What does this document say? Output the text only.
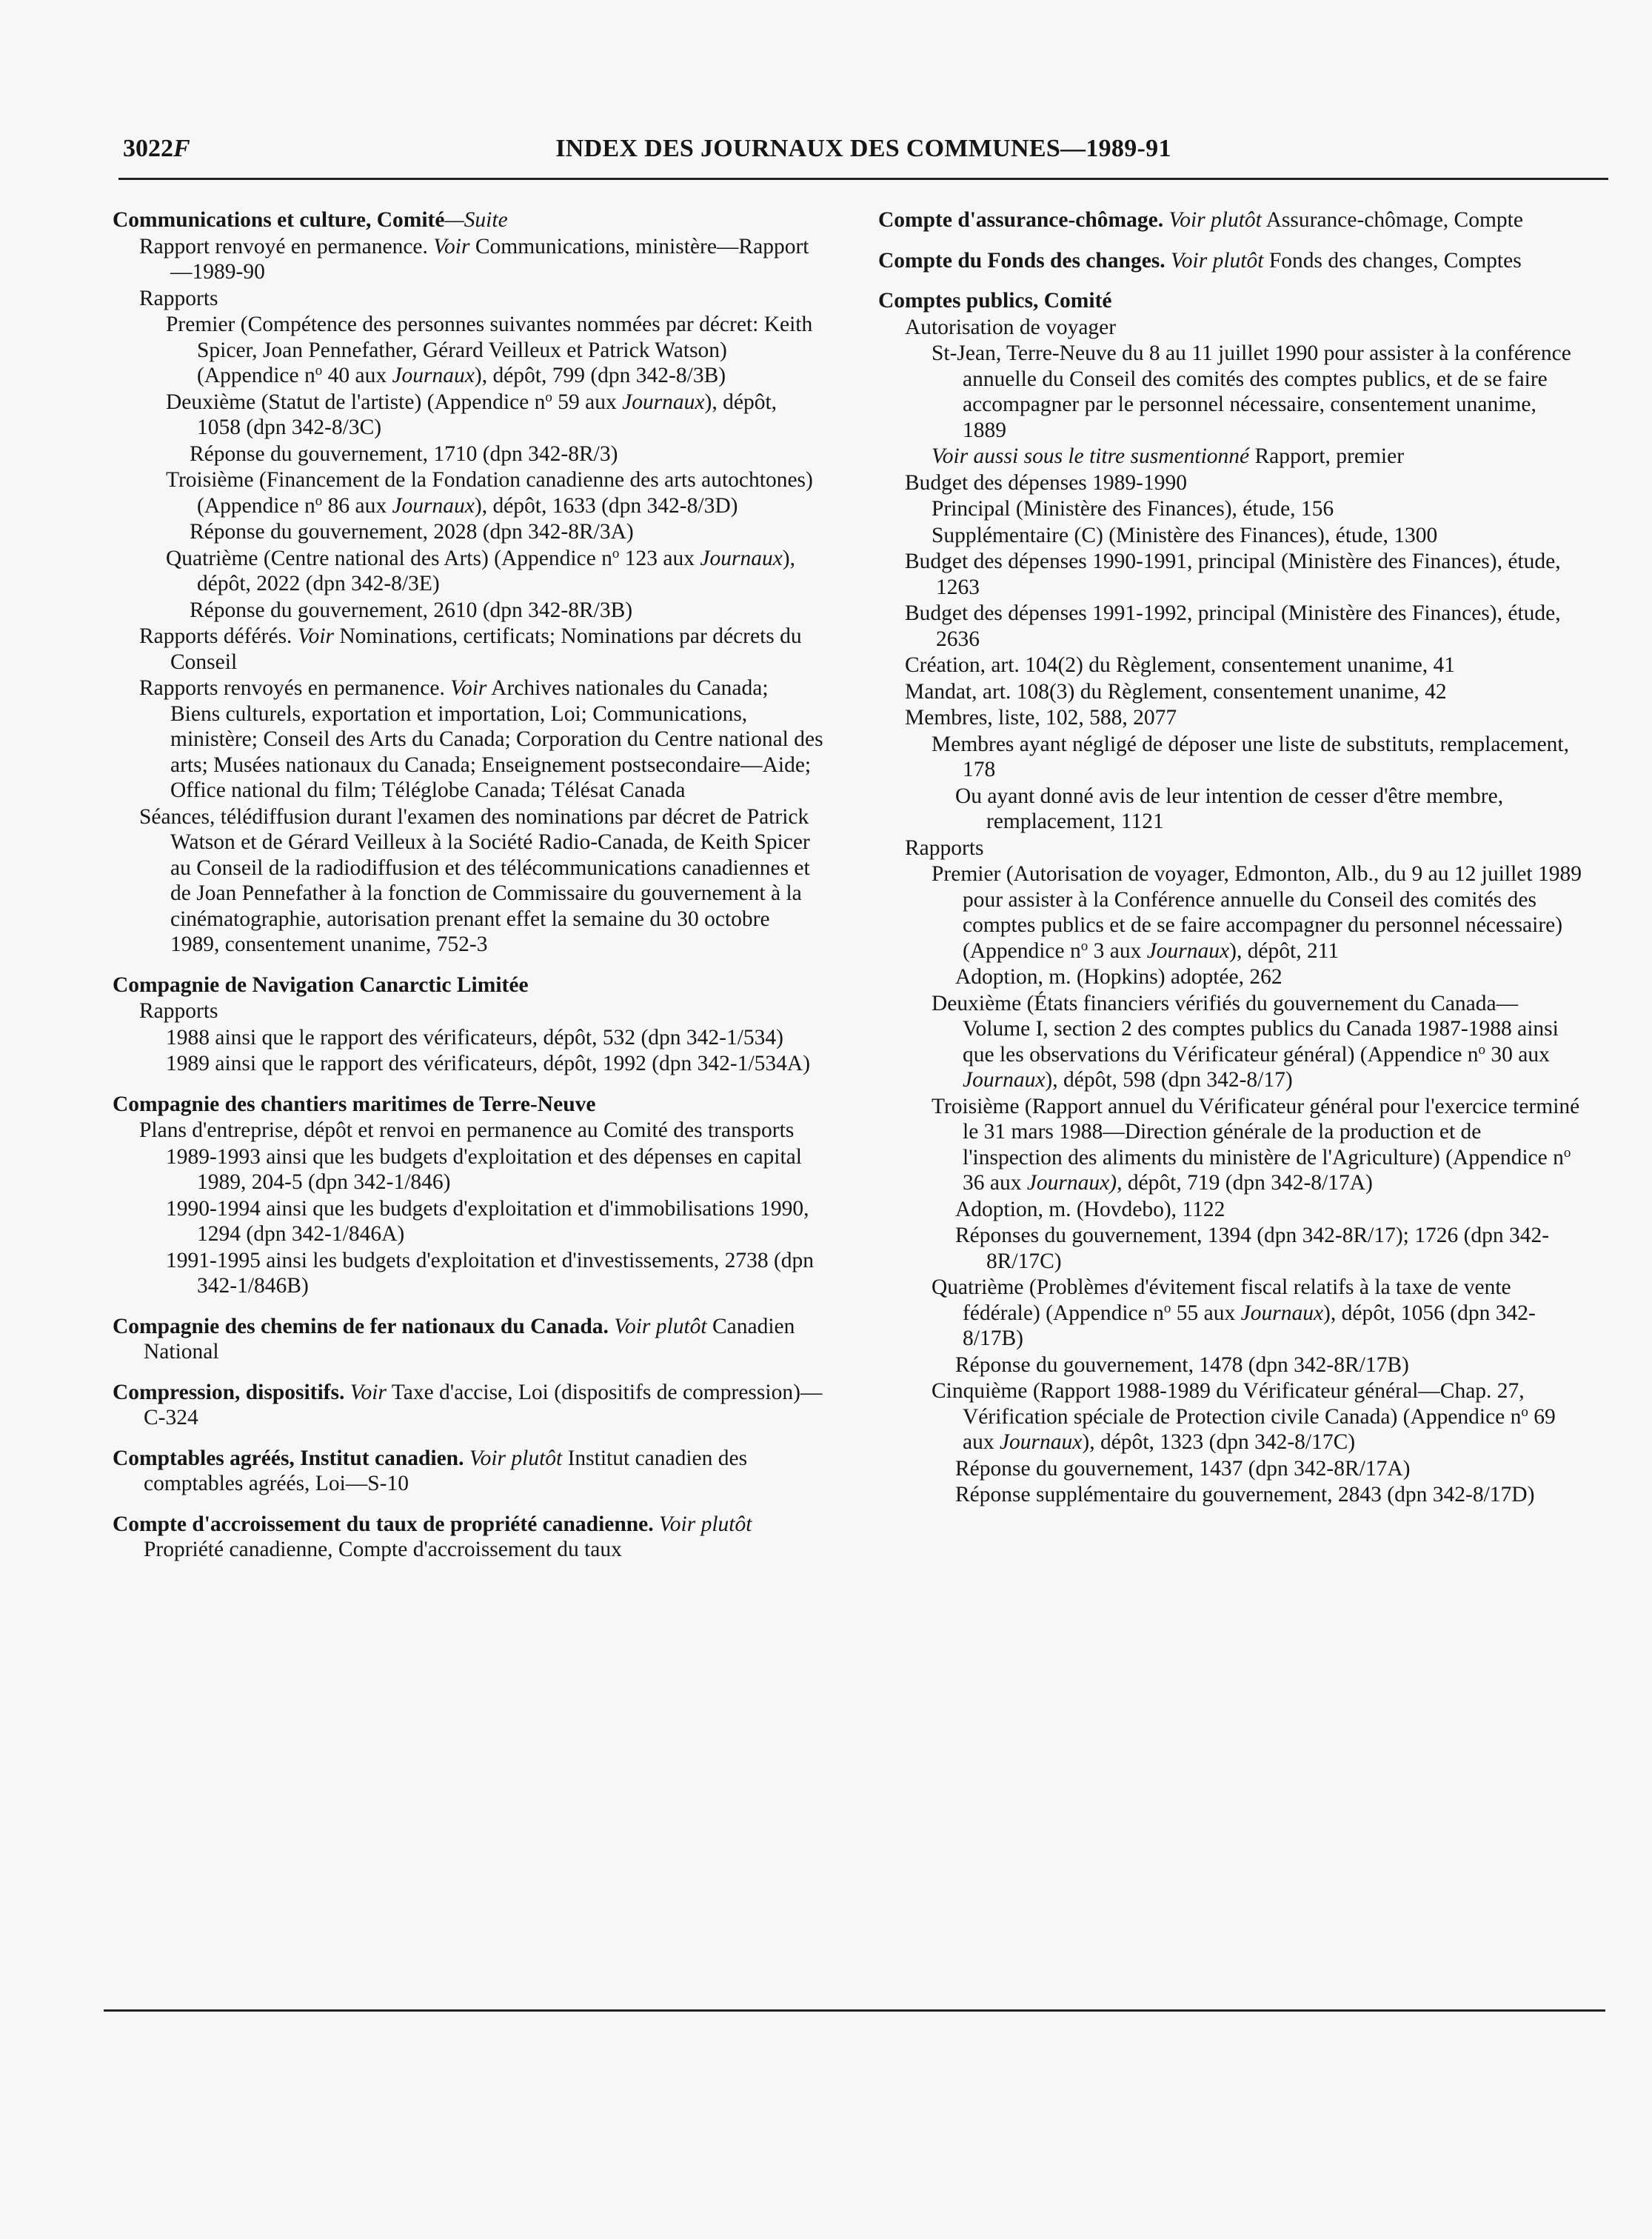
3022F	INDEX DES JOURNAUX DES COMMUNES—1989-91
Communications et culture, Comité—Suite
Rapport renvoyé en permanence. Voir Communications, ministère—Rapport—1989-90
Rapports
Premier (Compétence des personnes suivantes nommées par décret: Keith Spicer, Joan Pennefather, Gérard Veilleux et Patrick Watson) (Appendice $n^o$ 40 aux Journaux), dépôt, 799 (dpn 342-8/3B)
Deuxième (Statut de l'artiste) (Appendice $n^o$ 59 aux Journaux), dépôt, 1058 (dpn 342-8/3C)
Réponse du gouvernement, 1710 (dpn 342-8R/3)
Troisième (Financement de la Fondation canadienne des arts autochtones) (Appendice $n^o$ 86 aux Journaux), dépôt, 1633 (dpn 342-8/3D)
Réponse du gouvernement, 2028 (dpn 342-8R/3A)
Quatrième (Centre national des Arts) (Appendice $n^o$ 123 aux Journaux), dépôt, 2022 (dpn 342-8/3E)
Réponse du gouvernement, 2610 (dpn 342-8R/3B)
Rapports déférés. Voir Nominations, certificats; Nominations par décrets du Conseil
Rapports renvoyés en permanence. Voir Archives nationales du Canada; Biens culturels, exportation et importation, Loi; Communications, ministère; Conseil des Arts du Canada; Corporation du Centre national des arts; Musées nationaux du Canada; Enseignement postsecondaire—Aide; Office national du film; Téléglobe Canada; Télésat Canada
Séances, télédiffusion durant l'examen des nominations par décret de Patrick Watson et de Gérard Veilleux à la Société Radio-Canada, de Keith Spicer au Conseil de la radiodiffusion et des télécommunications canadiennes et de Joan Pennefather à la fonction de Commissaire du gouvernement à la cinématographie, autorisation prenant effet la semaine du 30 octobre 1989, consentement unanime, 752-3
Compagnie de Navigation Canarctic Limitée
Rapports
1988 ainsi que le rapport des vérificateurs, dépôt, 532 (dpn 342-1/534)
1989 ainsi que le rapport des vérificateurs, dépôt, 1992 (dpn 342-1/534A)
Compagnie des chantiers maritimes de Terre-Neuve
Plans d'entreprise, dépôt et renvoi en permanence au Comité des transports
1989-1993 ainsi que les budgets d'exploitation et des dépenses en capital 1989, 204-5 (dpn 342-1/846)
1990-1994 ainsi que les budgets d'exploitation et d'immobilisations 1990, 1294 (dpn 342-1/846A)
1991-1995 ainsi les budgets d'exploitation et d'investissements, 2738 (dpn 342-1/846B)
Compagnie des chemins de fer nationaux du Canada. Voir plutôt Canadien National
Compression, dispositifs. Voir Taxe d'accise, Loi (dispositifs de compression)—C-324
Comptables agréés, Institut canadien. Voir plutôt Institut canadien des comptables agréés, Loi—S-10
Compte d'accroissement du taux de propriété canadienne. Voir plutôt Propriété canadienne, Compte d'accroissement du taux
Compte d'assurance-chômage. Voir plutôt Assurance-chômage, Compte
Compte du Fonds des changes. Voir plutôt Fonds des changes, Comptes
Comptes publics, Comité
Autorisation de voyager
St-Jean, Terre-Neuve du 8 au 11 juillet 1990 pour assister à la conférence annuelle du Conseil des comités des comptes publics, et de se faire accompagner par le personnel nécessaire, consentement unanime, 1889
Voir aussi sous le titre susmentionné Rapport, premier
Budget des dépenses 1989-1990
Principal (Ministère des Finances), étude, 156
Supplémentaire (C) (Ministère des Finances), étude, 1300
Budget des dépenses 1990-1991, principal (Ministère des Finances), étude, 1263
Budget des dépenses 1991-1992, principal (Ministère des Finances), étude, 2636
Création, art. 104(2) du Règlement, consentement unanime, 41
Mandat, art. 108(3) du Règlement, consentement unanime, 42
Membres, liste, 102, 588, 2077
Membres ayant négligé de déposer une liste de substituts, remplacement, 178
Ou ayant donné avis de leur intention de cesser d'être membre, remplacement, 1121
Rapports
Premier (Autorisation de voyager, Edmonton, Alb., du 9 au 12 juillet 1989 pour assister à la Conférence annuelle du Conseil des comités des comptes publics et de se faire accompagner du personnel nécessaire) (Appendice $n^o$ 3 aux Journaux), dépôt, 211
Adoption, m. (Hopkins) adoptée, 262
Deuxième (États financiers vérifiés du gouvernement du Canada—Volume I, section 2 des comptes publics du Canada 1987-1988 ainsi que les observations du Vérificateur général) (Appendice $n^o$ 30 aux Journaux), dépôt, 598 (dpn 342-8/17)
Troisième (Rapport annuel du Vérificateur général pour l'exercice terminé le 31 mars 1988—Direction générale de la production et de l'inspection des aliments du ministère de l'Agriculture) (Appendice $n^o$ 36 aux Journaux), dépôt, 719 (dpn 342-8/17A)
Adoption, m. (Hovdebo), 1122
Réponses du gouvernement, 1394 (dpn 342-8R/17); 1726 (dpn 342-8R/17C)
Quatrième (Problèmes d'évitement fiscal relatifs à la taxe de vente fédérale) (Appendice $n^o$ 55 aux Journaux), dépôt, 1056 (dpn 342-8/17B)
Réponse du gouvernement, 1478 (dpn 342-8R/17B)
Cinquième (Rapport 1988-1989 du Vérificateur général—Chap. 27, Vérification spéciale de Protection civile Canada) (Appendice $n^o$ 69 aux Journaux), dépôt, 1323 (dpn 342-8/17C)
Réponse du gouvernement, 1437 (dpn 342-8R/17A)
Réponse supplémentaire du gouvernement, 2843 (dpn 342-8/17D)
